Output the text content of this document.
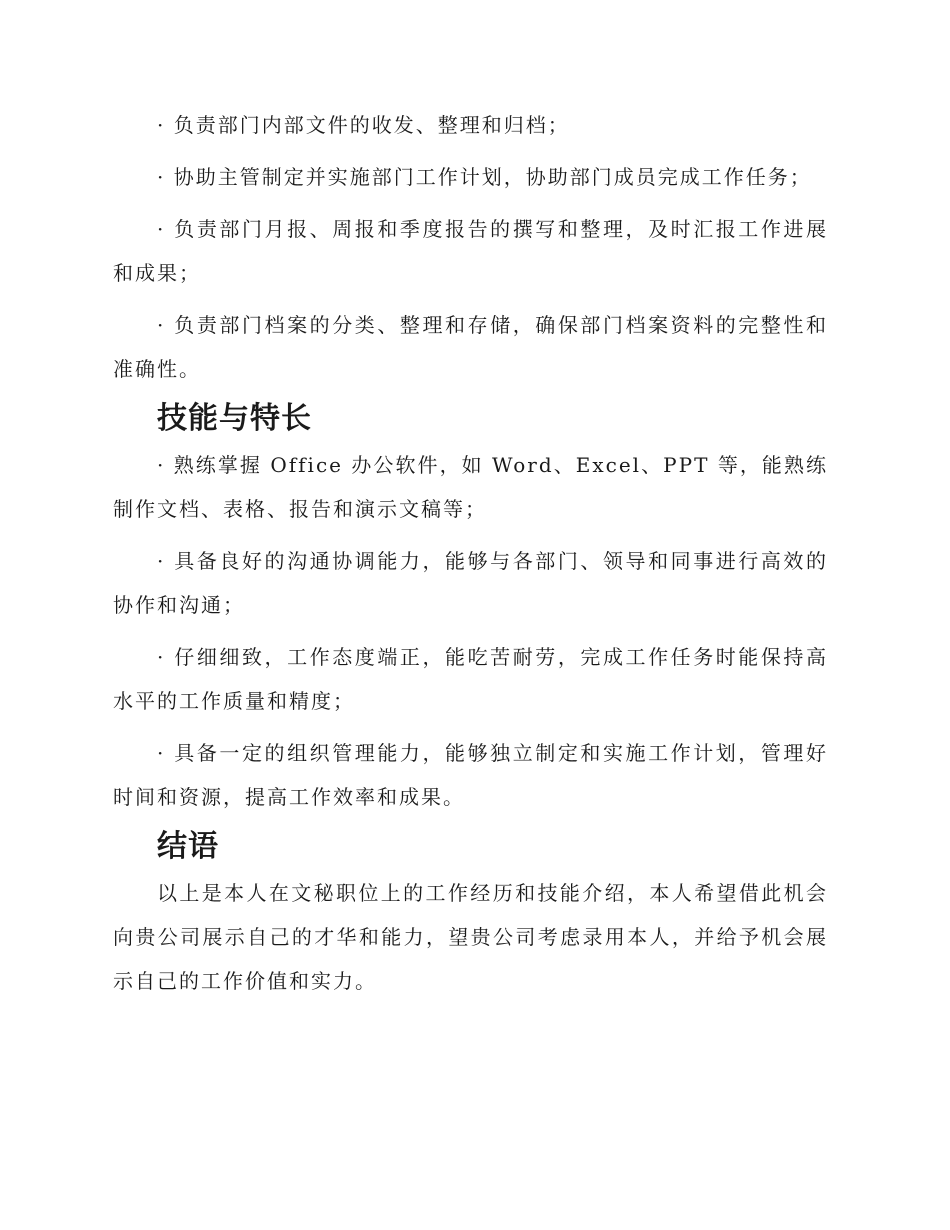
· 负责部门内部文件的收发、整理和归档；

· 协助主管制定并实施部门工作计划，协助部门成员完成工作任务；

· 负责部门月报、周报和季度报告的撰写和整理，及时汇报工作进展和成果；

· 负责部门档案的分类、整理和存储，确保部门档案资料的完整性和准确性。

技能与特长

· 熟练掌握 Office 办公软件，如 Word、Excel、PPT 等，能熟练制作文档、表格、报告和演示文稿等；

· 具备良好的沟通协调能力，能够与各部门、领导和同事进行高效的协作和沟通；

· 仔细细致，工作态度端正，能吃苦耐劳，完成工作任务时能保持高水平的工作质量和精度；

· 具备一定的组织管理能力，能够独立制定和实施工作计划，管理好时间和资源，提高工作效率和成果。

结语

以上是本人在文秘职位上的工作经历和技能介绍，本人希望借此机会向贵公司展示自己的才华和能力，望贵公司考虑录用本人，并给予机会展示自己的工作价值和实力。
